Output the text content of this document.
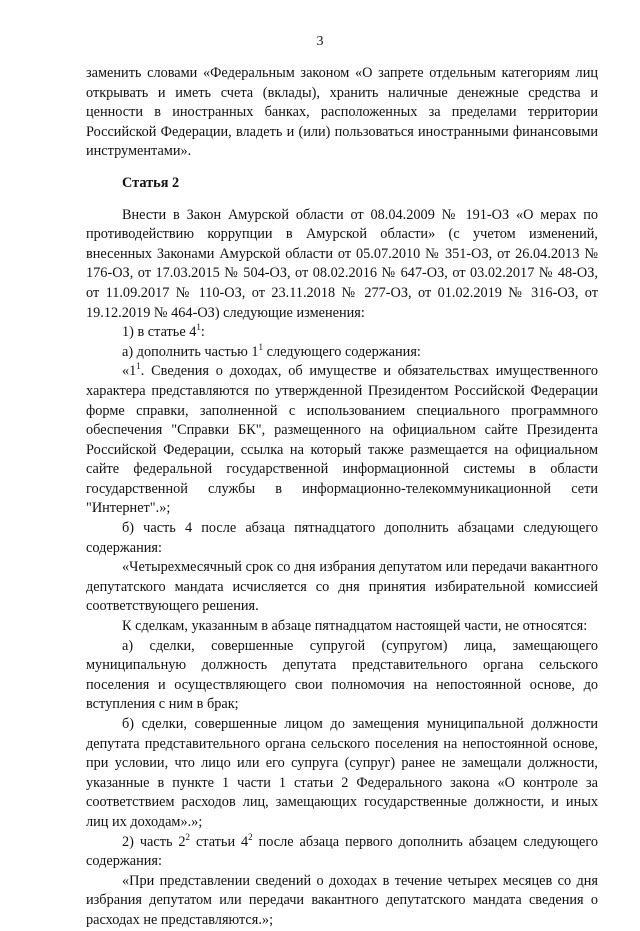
3

заменить словами «Федеральным законом «О запрете отдельным категориям лиц открывать и иметь счета (вклады), хранить наличные денежные средства и ценности в иностранных банках, расположенных за пределами территории Российской Федерации, владеть и (или) пользоваться иностранными финансовыми инструментами».

Статья 2

Внести в Закон Амурской области от 08.04.2009 № 191-ОЗ «О мерах по противодействию коррупции в Амурской области» (с учетом изменений, внесенных Законами Амурской области от 05.07.2010 № 351-ОЗ, от 26.04.2013 № 176-ОЗ, от 17.03.2015 № 504-ОЗ, от 08.02.2016 № 647-ОЗ, от 03.02.2017 № 48-ОЗ, от 11.09.2017 № 110-ОЗ, от 23.11.2018 № 277-ОЗ, от 01.02.2019 № 316-ОЗ, от 19.12.2019 № 464-ОЗ) следующие изменения:

1) в статье $4^1$:

а) дополнить частью $1^1$ следующего содержания:

«$1^1$. Сведения о доходах, об имуществе и обязательствах имущественного характера представляются по утвержденной Президентом Российской Федерации форме справки, заполненной с использованием специального программного обеспечения "Справки БК", размещенного на официальном сайте Президента Российской Федерации, ссылка на который также размещается на официальном сайте федеральной государственной информационной системы в области государственной службы в информационно-телекоммуникационной сети "Интернет".»;

б) часть 4 после абзаца пятнадцатого дополнить абзацами следующего содержания:

«Четырехмесячный срок со дня избрания депутатом или передачи вакантного депутатского мандата исчисляется со дня принятия избирательной комиссией соответствующего решения.

К сделкам, указанным в абзаце пятнадцатом настоящей части, не относятся:

а) сделки, совершенные супругой (супругом) лица, замещающего муниципальную должность депутата представительного органа сельского поселения и осуществляющего свои полномочия на непостоянной основе, до вступления с ним в брак;

б) сделки, совершенные лицом до замещения муниципальной должности депутата представительного органа сельского поселения на непостоянной основе, при условии, что лицо или его супруга (супруг) ранее не замещали должности, указанные в пункте 1 части 1 статьи 2 Федерального закона «О контроле за соответствием расходов лиц, замещающих государственные должности, и иных лиц их доходам».»;

2) часть $2^2$ статьи $4^2$ после абзаца первого дополнить абзацем следующего содержания:

«При представлении сведений о доходах в течение четырех месяцев со дня избрания депутатом или передачи вакантного депутатского мандата сведения о расходах не представляются.»;
